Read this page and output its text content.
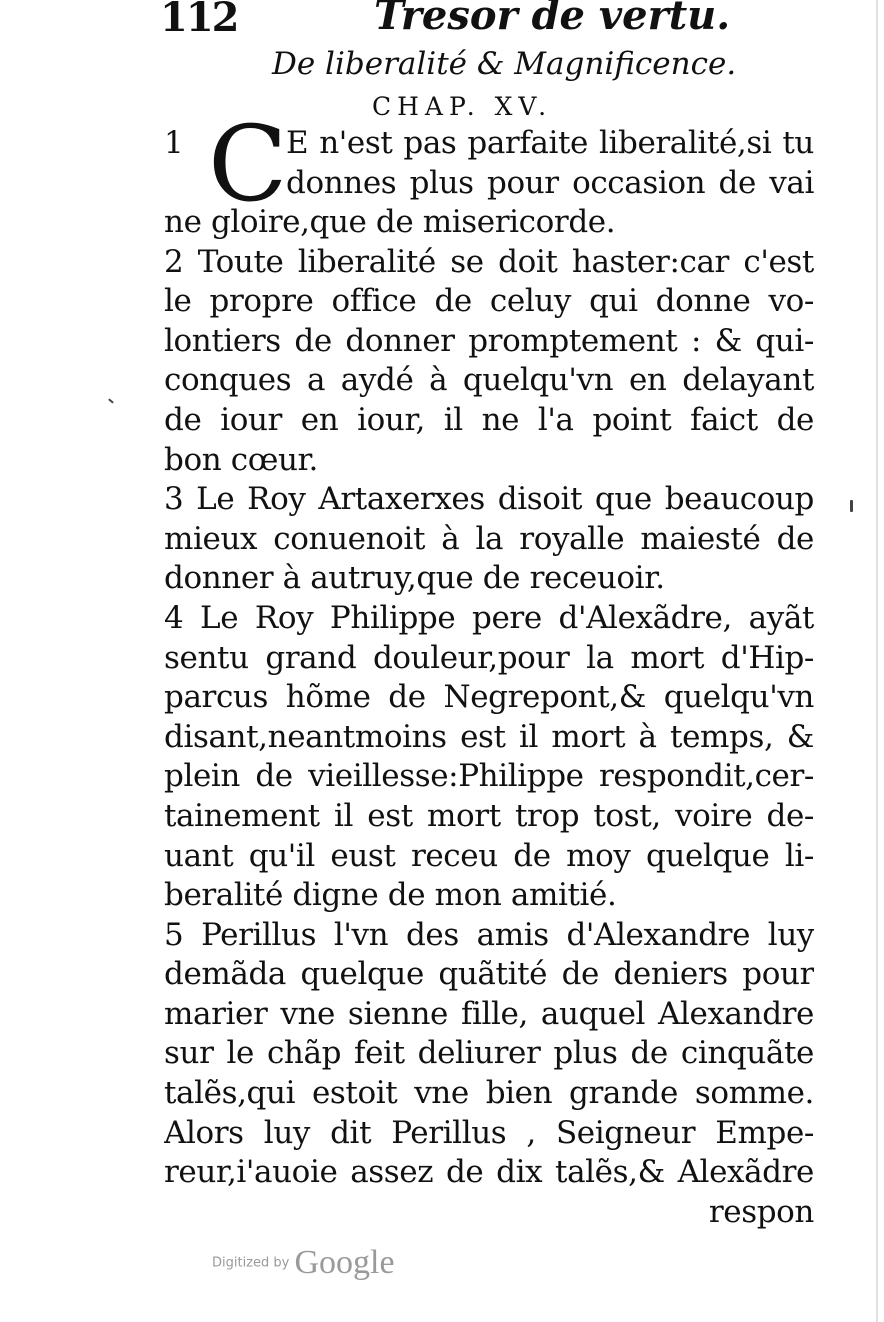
112	Tresor de vertu.
De liberalité & Magnificence.
CHAP. XV.
1 C
E n'est pas parfaite liberalité,si tu
donnes plus pour occasion de vai
ne gloire,que de misericorde.
2 Toute liberalité se doit haster:car c'est
le propre office de celuy qui donne vo-
lontiers de donner promptement : & qui-
conques a aydé à quelqu'vn en delayant
de iour en iour, il ne l'a point faict de
bon cœur.
3 Le Roy Artaxerxes disoit que beaucoup
mieux conuenoit à la royalle maiesté de
donner à autruy,que de receuoir.
4 Le Roy Philippe pere d'Alexãdre, ayãt
sentu grand douleur,pour la mort d'Hip-
parcus hõme de Negrepont,& quelqu'vn
disant,neantmoins est il mort à temps, &
plein de vieillesse:Philippe respondit,cer-
tainement il est mort trop tost, voire de-
uant qu'il eust receu de moy quelque li-
beralité digne de mon amitié.
5 Perillus l'vn des amis d'Alexandre luy
demãda quelque quãtité de deniers pour
marier vne sienne fille, auquel Alexandre
sur le chãp feit deliurer plus de cinquãte
talẽs,qui estoit vne bien grande somme.
Alors luy dit Perillus , Seigneur Empe-
reur,i'auoie assez de dix talẽs,& Alexãdre
respon
Digitized by Google
